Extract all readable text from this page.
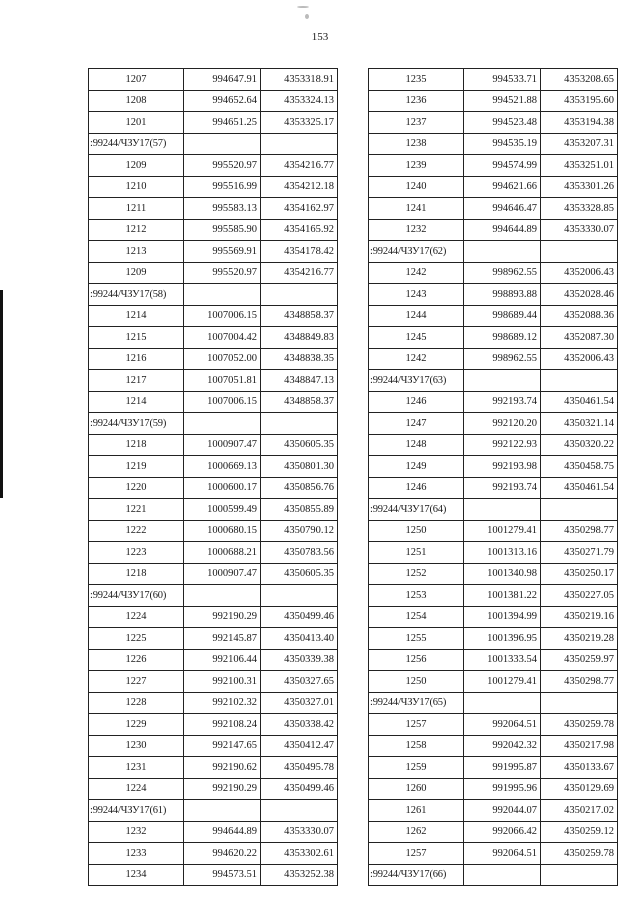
153
1207	994647.91	4353318.91
1208	994652.64	4353324.13
1201	994651.25	4353325.17
:99244/ЧЗУ17(57)		
1209	995520.97	4354216.77
1210	995516.99	4354212.18
1211	995583.13	4354162.97
1212	995585.90	4354165.92
1213	995569.91	4354178.42
1209	995520.97	4354216.77
:99244/ЧЗУ17(58)		
1214	1007006.15	4348858.37
1215	1007004.42	4348849.83
1216	1007052.00	4348838.35
1217	1007051.81	4348847.13
1214	1007006.15	4348858.37
:99244/ЧЗУ17(59)		
1218	1000907.47	4350605.35
1219	1000669.13	4350801.30
1220	1000600.17	4350856.76
1221	1000599.49	4350855.89
1222	1000680.15	4350790.12
1223	1000688.21	4350783.56
1218	1000907.47	4350605.35
:99244/ЧЗУ17(60)		
1224	992190.29	4350499.46
1225	992145.87	4350413.40
1226	992106.44	4350339.38
1227	992100.31	4350327.65
1228	992102.32	4350327.01
1229	992108.24	4350338.42
1230	992147.65	4350412.47
1231	992190.62	4350495.78
1224	992190.29	4350499.46
:99244/ЧЗУ17(61)		
1232	994644.89	4353330.07
1233	994620.22	4353302.61
1234	994573.51	4353252.38
1235	994533.71	4353208.65
1236	994521.88	4353195.60
1237	994523.48	4353194.38
1238	994535.19	4353207.31
1239	994574.99	4353251.01
1240	994621.66	4353301.26
1241	994646.47	4353328.85
1232	994644.89	4353330.07
:99244/ЧЗУ17(62)		
1242	998962.55	4352006.43
1243	998893.88	4352028.46
1244	998689.44	4352088.36
1245	998689.12	4352087.30
1242	998962.55	4352006.43
:99244/ЧЗУ17(63)		
1246	992193.74	4350461.54
1247	992120.20	4350321.14
1248	992122.93	4350320.22
1249	992193.98	4350458.75
1246	992193.74	4350461.54
:99244/ЧЗУ17(64)		
1250	1001279.41	4350298.77
1251	1001313.16	4350271.79
1252	1001340.98	4350250.17
1253	1001381.22	4350227.05
1254	1001394.99	4350219.16
1255	1001396.95	4350219.28
1256	1001333.54	4350259.97
1250	1001279.41	4350298.77
:99244/ЧЗУ17(65)		
1257	992064.51	4350259.78
1258	992042.32	4350217.98
1259	991995.87	4350133.67
1260	991995.96	4350129.69
1261	992044.07	4350217.02
1262	992066.42	4350259.12
1257	992064.51	4350259.78
:99244/ЧЗУ17(66)		
